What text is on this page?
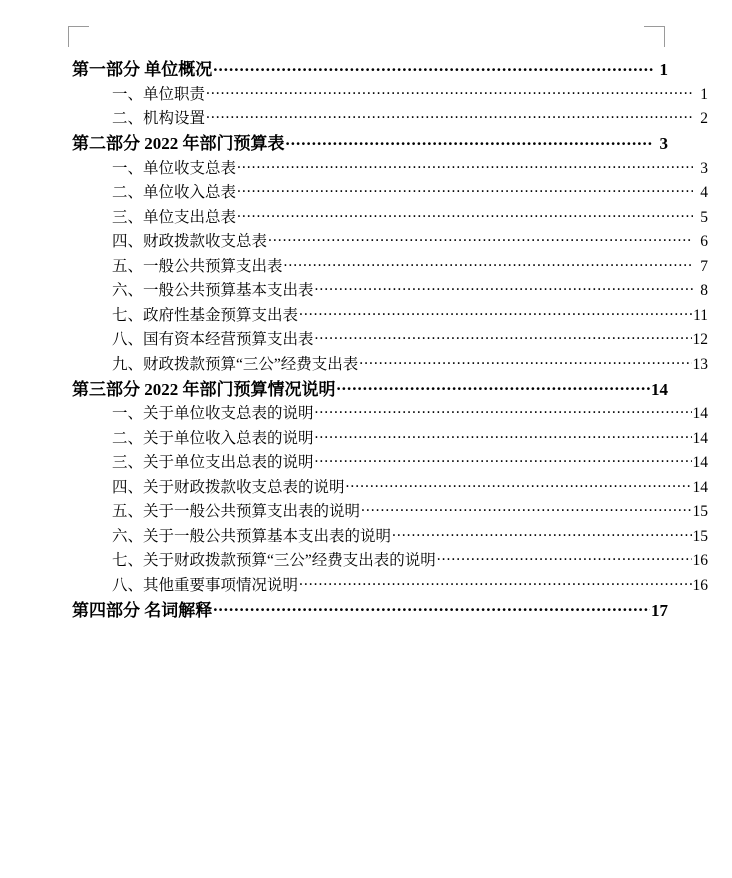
第一部分 单位概况 .....	1
一、单位职责 .....	1
二、机构设置 .....	2
第二部分 2022 年部门预算表 .....	3
一、单位收支总表 .....	3
二、单位收入总表 .....	4
三、单位支出总表 .....	5
四、财政拨款收支总表 .....	6
五、一般公共预算支出表 .....	7
六、一般公共预算基本支出表 .....	8
七、政府性基金预算支出表 .....	11
八、国有资本经营预算支出表 .....	12
九、财政拨款预算“三公”经费支出表 .....	13
第三部分 2022 年部门预算情况说明 .....	14
一、关于单位收支总表的说明 .....	14
二、关于单位收入总表的说明 .....	14
三、关于单位支出总表的说明 .....	14
四、关于财政拨款收支总表的说明 .....	14
五、关于一般公共预算支出表的说明 .....	15
六、关于一般公共预算基本支出表的说明 .....	15
七、关于财政拨款预算“三公”经费支出表的说明 .....	16
八、其他重要事项情况说明 .....	16
第四部分 名词解释 .....	17
